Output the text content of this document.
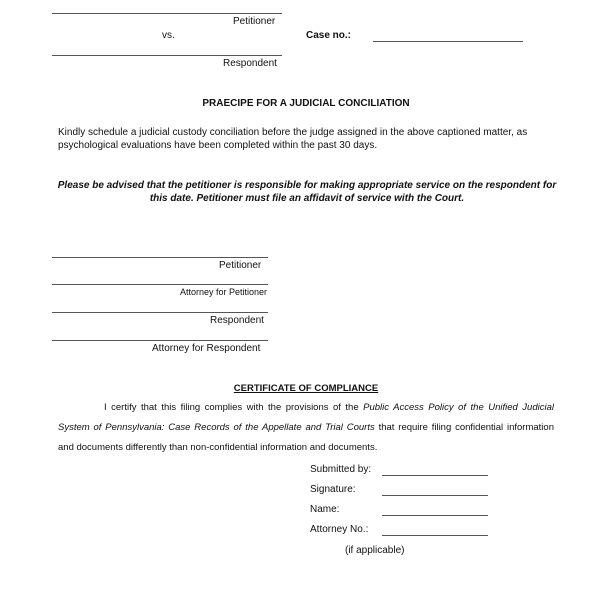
Petitioner
vs.	Case no.:
Respondent
PRAECIPE FOR A JUDICIAL CONCILIATION
Kindly schedule a judicial custody conciliation before the judge assigned in the above captioned matter, as psychological evaluations have been completed within the past 30 days.
Please be advised that the petitioner is responsible for making appropriate service on the respondent for this date. Petitioner must file an affidavit of service with the Court.
Petitioner
Attorney for Petitioner
Respondent
Attorney for Respondent
CERTIFICATE OF COMPLIANCE
I certify that this filing complies with the provisions of the Public Access Policy of the Unified Judicial System of Pennsylvania: Case Records of the Appellate and Trial Courts that require filing confidential information and documents differently than non-confidential information and documents.
Submitted by:
Signature:
Name:
Attorney No.:
(if applicable)
